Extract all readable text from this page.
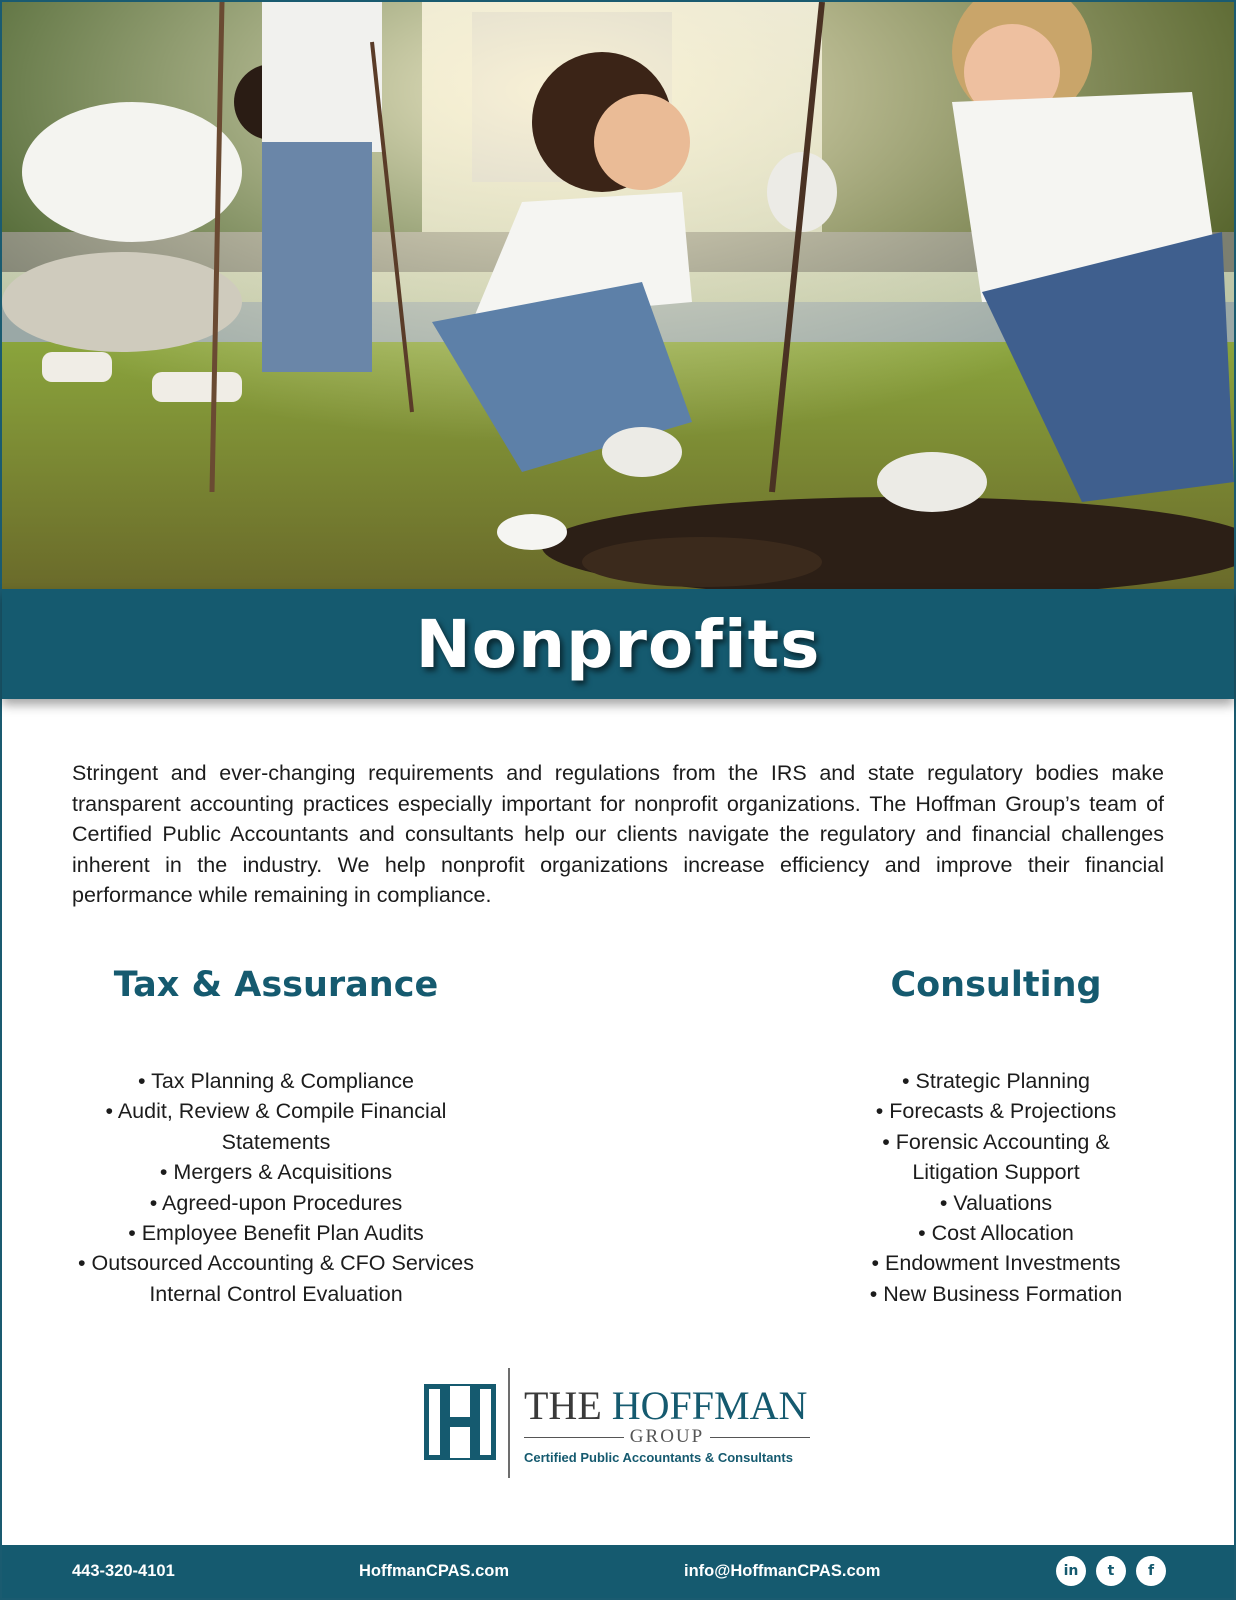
Nonprofits

Stringent and ever-changing requirements and regulations from the IRS and state regulatory bodies make transparent accounting practices especially important for nonprofit organizations. The Hoffman Group’s team of Certified Public Accountants and consultants help our clients navigate the regulatory and financial challenges inherent in the industry. We help nonprofit organizations increase efficiency and improve their financial performance while remaining in compliance.

Tax & Assurance	Consulting
• Tax Planning & Compliance
• Audit, Review & Compile Financial
Statements
• Mergers & Acquisitions
• Agreed-upon Procedures
• Employee Benefit Plan Audits
• Outsourced Accounting & CFO Services
Internal Control Evaluation
• Strategic Planning
• Forecasts & Projections
• Forensic Accounting &
Litigation Support
• Valuations
• Cost Allocation
• Endowment Investments
• New Business Formation
THE HOFFMAN
GROUP
Certified Public Accountants & Consultants
443-320-4101	HoffmanCPAS.com	info@HoffmanCPAS.com	in	t	f
